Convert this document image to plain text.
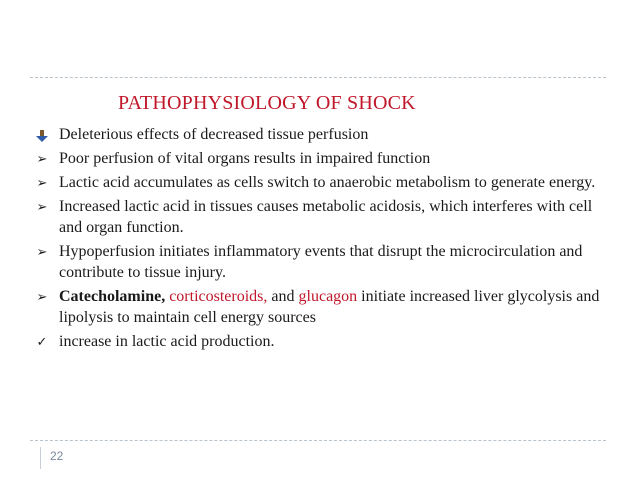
PATHOPHYSIOLOGY OF SHOCK
Deleterious effects of decreased tissue perfusion
➢ Poor perfusion of vital organs results in impaired function
➢ Lactic acid accumulates as cells switch to anaerobic metabolism to generate energy.
➢ Increased lactic acid in tissues causes metabolic acidosis, which interferes with cell and organ function.
➢ Hypoperfusion initiates inflammatory events that disrupt the microcirculation and contribute to tissue injury.
➢ Catecholamine, corticosteroids, and glucagon initiate increased liver glycolysis and lipolysis to maintain cell energy sources
✓ increase in lactic acid production.
22
